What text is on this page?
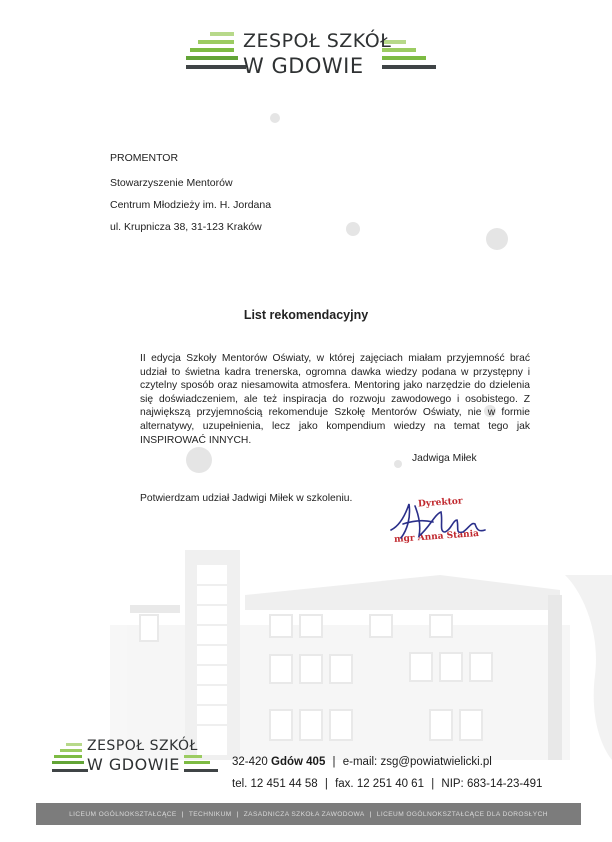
ZESPOŁ SZKÓŁ
W GDOWIE
PROMENTOR
Stowarzyszenie Mentorów
Centrum Młodzieży im. H. Jordana
ul. Krupnicza 38, 31-123 Kraków
List rekomendacyjny
II edycja Szkoły Mentorów Oświaty, w której zajęciach miałam przyjemność brać udział to świetna kadra trenerska, ogromna dawka wiedzy podana w przystępny i czytelny sposób oraz niesamowita atmosfera. Mentoring jako narzędzie do dzielenia się doświadczeniem, ale też inspiracja do rozwoju zawodowego i osobistego. Z największą przyjemnością rekomenduje Szkołę Mentorów Oświaty, nie w formie alternatywy, uzupełnienia, lecz jako kompendium wiedzy na temat tego jak INSPIROWAĆ INNYCH.
Jadwiga Miłek
Potwierdzam udział Jadwigi Miłek w szkoleniu.	Dyrektor
mgr Anna Stania
ZESPOŁ SZKÓŁ
W GDOWIE	32-420 Gdów 405 | e-mail: zsg@powiatwielicki.pl
tel. 12 451 44 58 | fax. 12 251 40 61 | NIP: 683-14-23-491
LICEUM OGÓLNOKSZTAŁCĄCE | TECHNIKUM | ZASADNICZA SZKOŁA ZAWODOWA | LICEUM OGÓLNOKSZTAŁCĄCE DLA DOROSŁYCH
